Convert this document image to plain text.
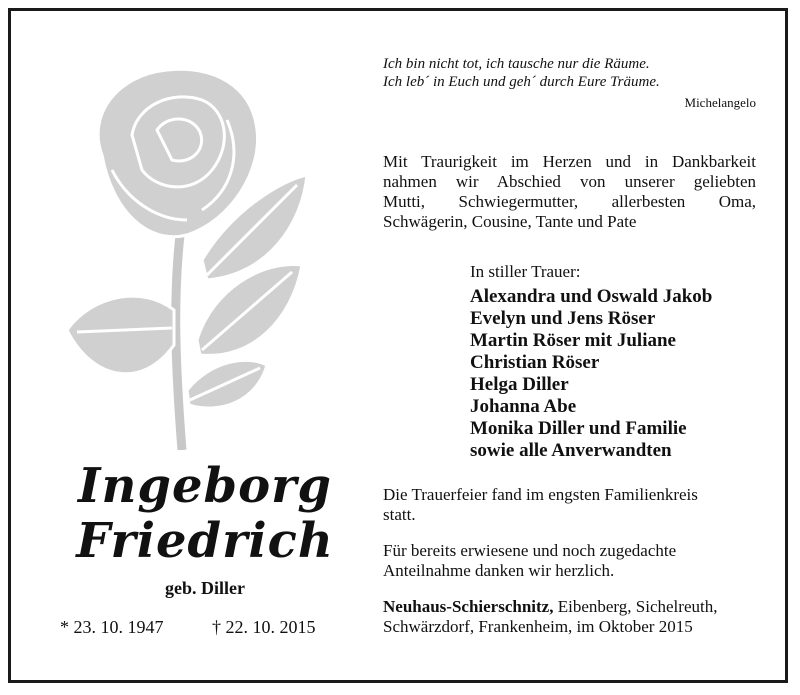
Ingeborg
Friedrich
geb. Diller
* 23. 10. 1947	† 22. 10. 2015
Ich bin nicht tot, ich tausche nur die Räume.
Ich leb´ in Euch und geh´ durch Eure Träume.
Michelangelo
Mit Traurigkeit im Herzen und in Dankbarkeit
nahmen wir Abschied von unserer geliebten
Mutti, Schwiegermutter, allerbesten Oma,
Schwägerin, Cousine, Tante und Pate
In stiller Trauer:
Alexandra und Oswald Jakob
Evelyn und Jens Röser
Martin Röser mit Juliane
Christian Röser
Helga Diller
Johanna Abe
Monika Diller und Familie
sowie alle Anverwandten
Die Trauerfeier fand im engsten Familienkreis
statt.
Für bereits erwiesene und noch zugedachte
Anteilnahme danken wir herzlich.
Neuhaus-Schierschnitz, Eibenberg, Sichelreuth,
Schwärzdorf, Frankenheim, im Oktober 2015
